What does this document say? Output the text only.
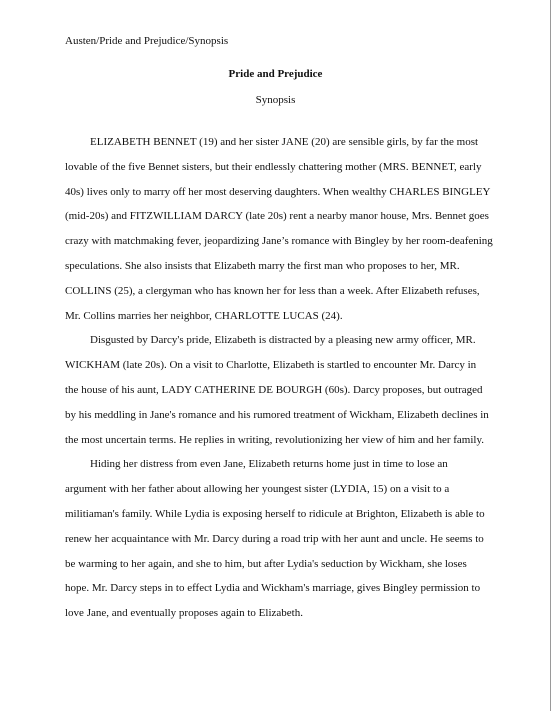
Austen/Pride and Prejudice/Synopsis
Pride and Prejudice
Synopsis
ELIZABETH BENNET (19) and her sister JANE (20) are sensible girls, by far the most
lovable of the five Bennet sisters, but their endlessly chattering mother (MRS. BENNET, early
40s) lives only to marry off her most deserving daughters. When wealthy CHARLES BINGLEY
(mid-20s) and FITZWILLIAM DARCY (late 20s) rent a nearby manor house, Mrs. Bennet goes
crazy with matchmaking fever, jeopardizing Jane’s romance with Bingley by her room-deafening
speculations. She also insists that Elizabeth marry the first man who proposes to her, MR.
COLLINS (25), a clergyman who has known her for less than a week. After Elizabeth refuses,
Mr. Collins marries her neighbor, CHARLOTTE LUCAS (24).
Disgusted by Darcy's pride, Elizabeth is distracted by a pleasing new army officer, MR.
WICKHAM (late 20s). On a visit to Charlotte, Elizabeth is startled to encounter Mr. Darcy in
the house of his aunt, LADY CATHERINE DE BOURGH (60s). Darcy proposes, but outraged
by his meddling in Jane's romance and his rumored treatment of Wickham, Elizabeth declines in
the most uncertain terms. He replies in writing, revolutionizing her view of him and her family.
Hiding her distress from even Jane, Elizabeth returns home just in time to lose an
argument with her father about allowing her youngest sister (LYDIA, 15) on a visit to a
militiaman's family. While Lydia is exposing herself to ridicule at Brighton, Elizabeth is able to
renew her acquaintance with Mr. Darcy during a road trip with her aunt and uncle. He seems to
be warming to her again, and she to him, but after Lydia's seduction by Wickham, she loses
hope. Mr. Darcy steps in to effect Lydia and Wickham's marriage, gives Bingley permission to
love Jane, and eventually proposes again to Elizabeth.
